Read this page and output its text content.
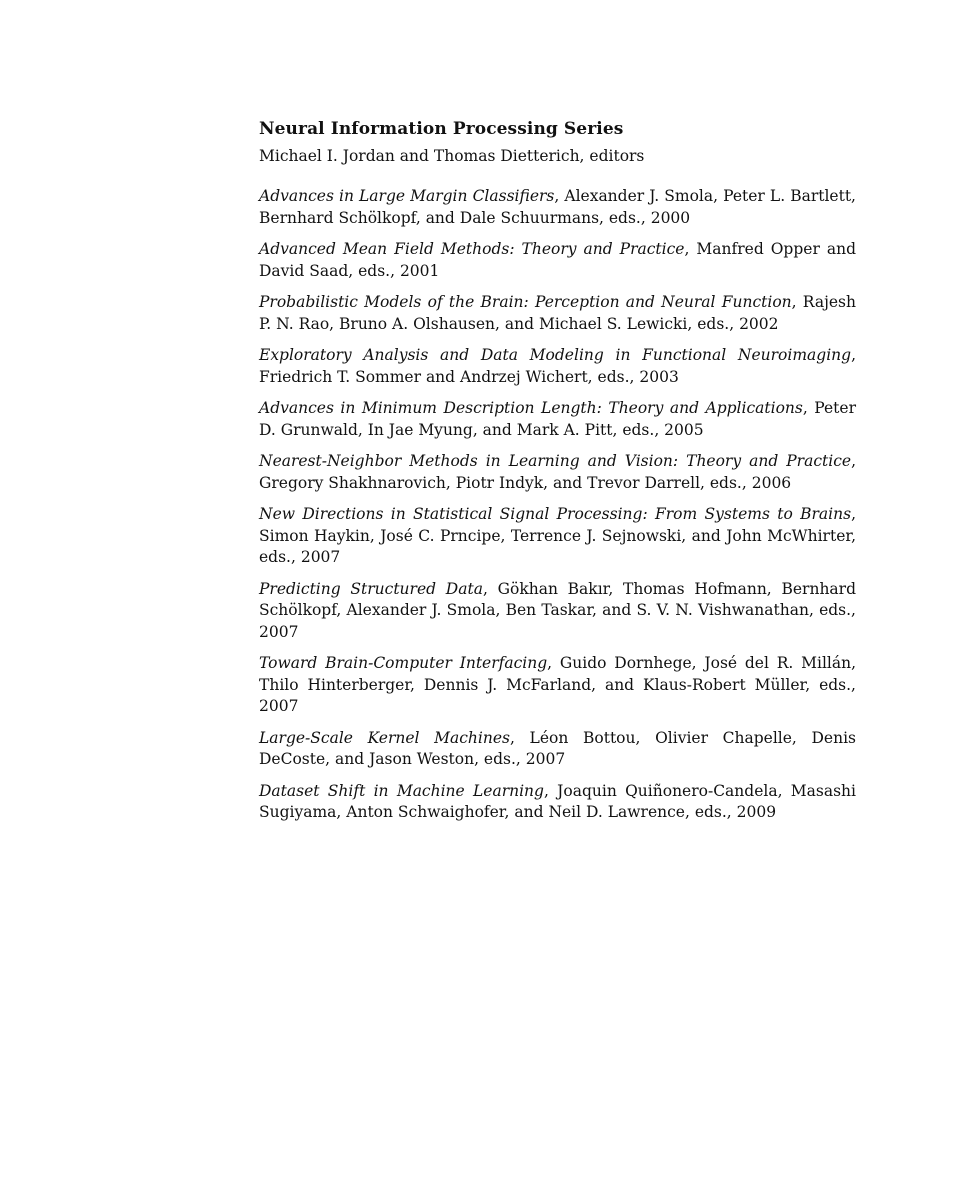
Neural Information Processing Series

Michael I. Jordan and Thomas Dietterich, editors

Advances in Large Margin Classifiers, Alexander J. Smola, Peter L. Bartlett, Bernhard Schölkopf, and Dale Schuurmans, eds., 2000
Advanced Mean Field Methods: Theory and Practice, Manfred Opper and David Saad, eds., 2001
Probabilistic Models of the Brain: Perception and Neural Function, Rajesh P. N. Rao, Bruno A. Olshausen, and Michael S. Lewicki, eds., 2002
Exploratory Analysis and Data Modeling in Functional Neuroimaging, Friedrich T. Sommer and Andrzej Wichert, eds., 2003
Advances in Minimum Description Length: Theory and Applications, Peter D. Grunwald, In Jae Myung, and Mark A. Pitt, eds., 2005
Nearest-Neighbor Methods in Learning and Vision: Theory and Practice, Gregory Shakhnarovich, Piotr Indyk, and Trevor Darrell, eds., 2006
New Directions in Statistical Signal Processing: From Systems to Brains, Simon Haykin, José C. Prncipe, Terrence J. Sejnowski, and John McWhirter, eds., 2007
Predicting Structured Data, Gökhan Bakır, Thomas Hofmann, Bernhard Schölkopf, Alexander J. Smola, Ben Taskar, and S. V. N. Vishwanathan, eds., 2007
Toward Brain-Computer Interfacing, Guido Dornhege, José del R. Millán, Thilo Hinterberger, Dennis J. McFarland, and Klaus-Robert Müller, eds., 2007
Large-Scale Kernel Machines, Léon Bottou, Olivier Chapelle, Denis DeCoste, and Jason Weston, eds., 2007
Dataset Shift in Machine Learning, Joaquin Quiñonero-Candela, Masashi Sugiyama, Anton Schwaighofer, and Neil D. Lawrence, eds., 2009
